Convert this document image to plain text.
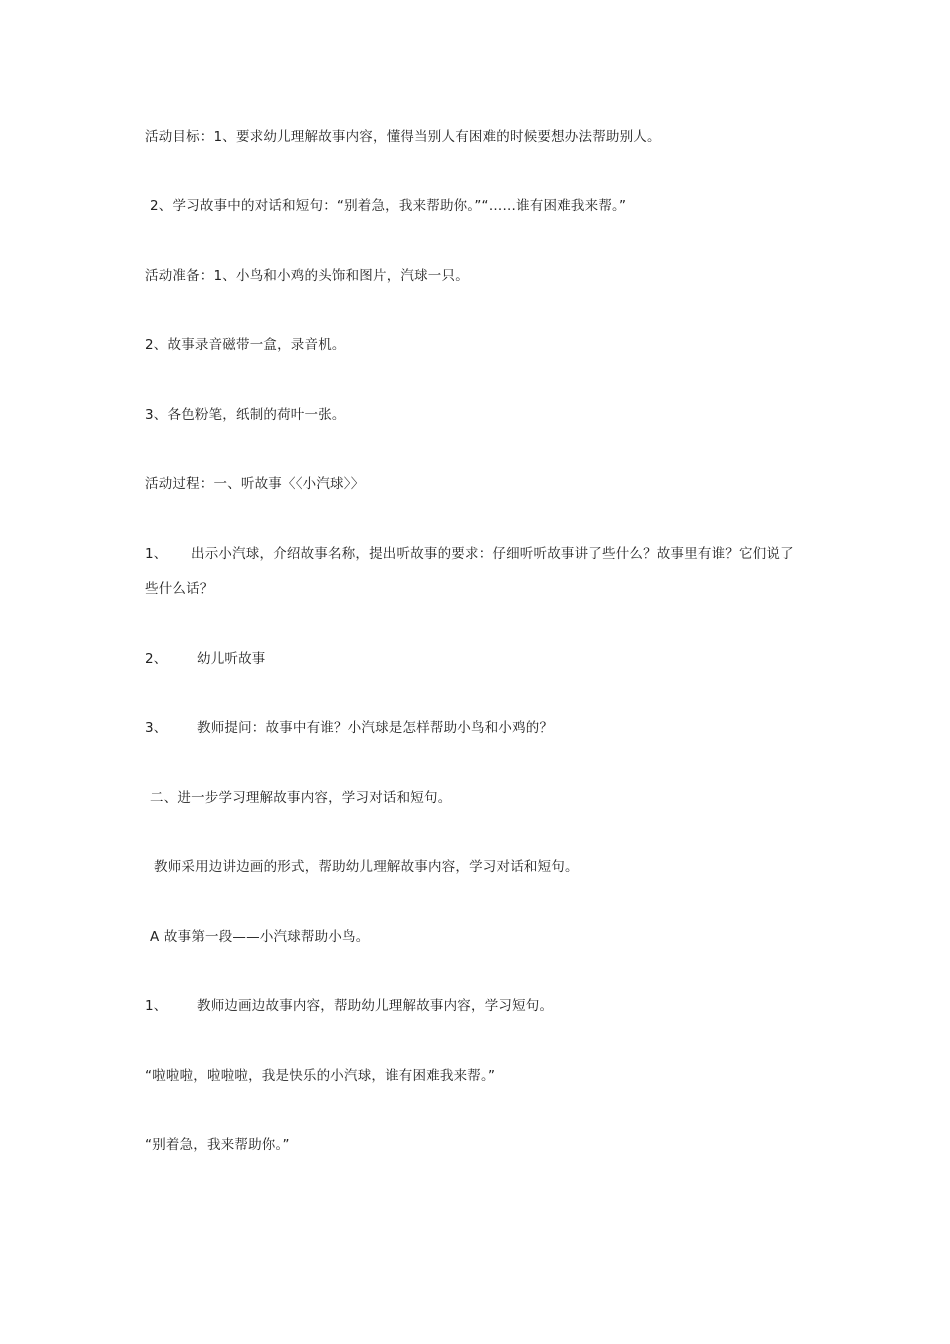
活动目标：1、要求幼儿理解故事内容，懂得当别人有困难的时候要想办法帮助别人。
2、学习故事中的对话和短句：“别着急，我来帮助你。”“……谁有困难我来帮。”
活动准备：1、小鸟和小鸡的头饰和图片，汽球一只。
2、故事录音磁带一盒，录音机。
3、各色粉笔，纸制的荷叶一张。
活动过程：一、听故事〈〈小汽球〉〉
1、 出示小汽球，介绍故事名称，提出听故事的要求：仔细听听故事讲了些什么？故事里有谁？它们说了
些什么话？
2、 幼儿听故事
3、 教师提问：故事中有谁？小汽球是怎样帮助小鸟和小鸡的？
二、进一步学习理解故事内容，学习对话和短句。
教师采用边讲边画的形式，帮助幼儿理解故事内容，学习对话和短句。
A 故事第一段——小汽球帮助小鸟。
1、 教师边画边故事内容，帮助幼儿理解故事内容，学习短句。
“啦啦啦，啦啦啦，我是快乐的小汽球，谁有困难我来帮。”
“别着急，我来帮助你。”
